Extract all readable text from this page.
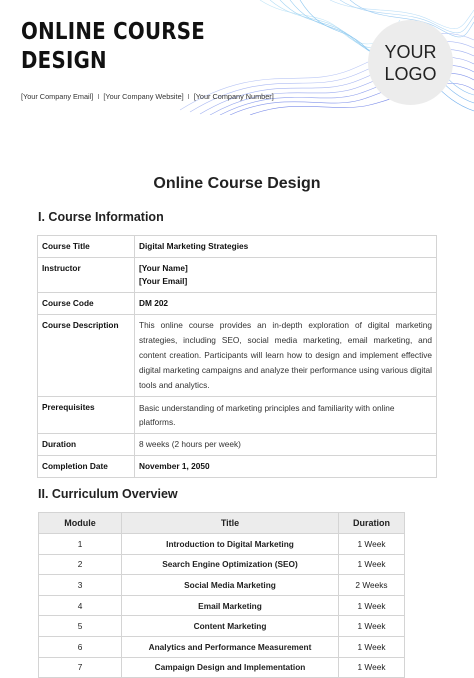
ONLINE COURSE
DESIGN	YOUR
LOGO
[Your Company Email] I [Your Company Website] I [Your Company Number]
Online Course Design
I. Course Information
Course Title	Digital Marketing Strategies
Instructor	[Your Name]
[Your Email]

Course Code	DM 202
Course Description	This online course provides an in-depth exploration of digital marketing strategies, including SEO, social media marketing, email marketing, and content creation. Participants will learn how to design and implement effective digital marketing campaigns and analyze their performance using various digital tools and analytics.
Prerequisites	Basic understanding of marketing principles and familiarity with online platforms.
Duration	8 weeks (2 hours per week)
Completion Date	November 1, 2050
II. Curriculum Overview
Module	Title	Duration
1	Introduction to Digital Marketing	1 Week
2	Search Engine Optimization (SEO)	1 Week
3	Social Media Marketing	2 Weeks
4	Email Marketing	1 Week
5	Content Marketing	1 Week
6	Analytics and Performance Measurement	1 Week
7	Campaign Design and Implementation	1 Week
